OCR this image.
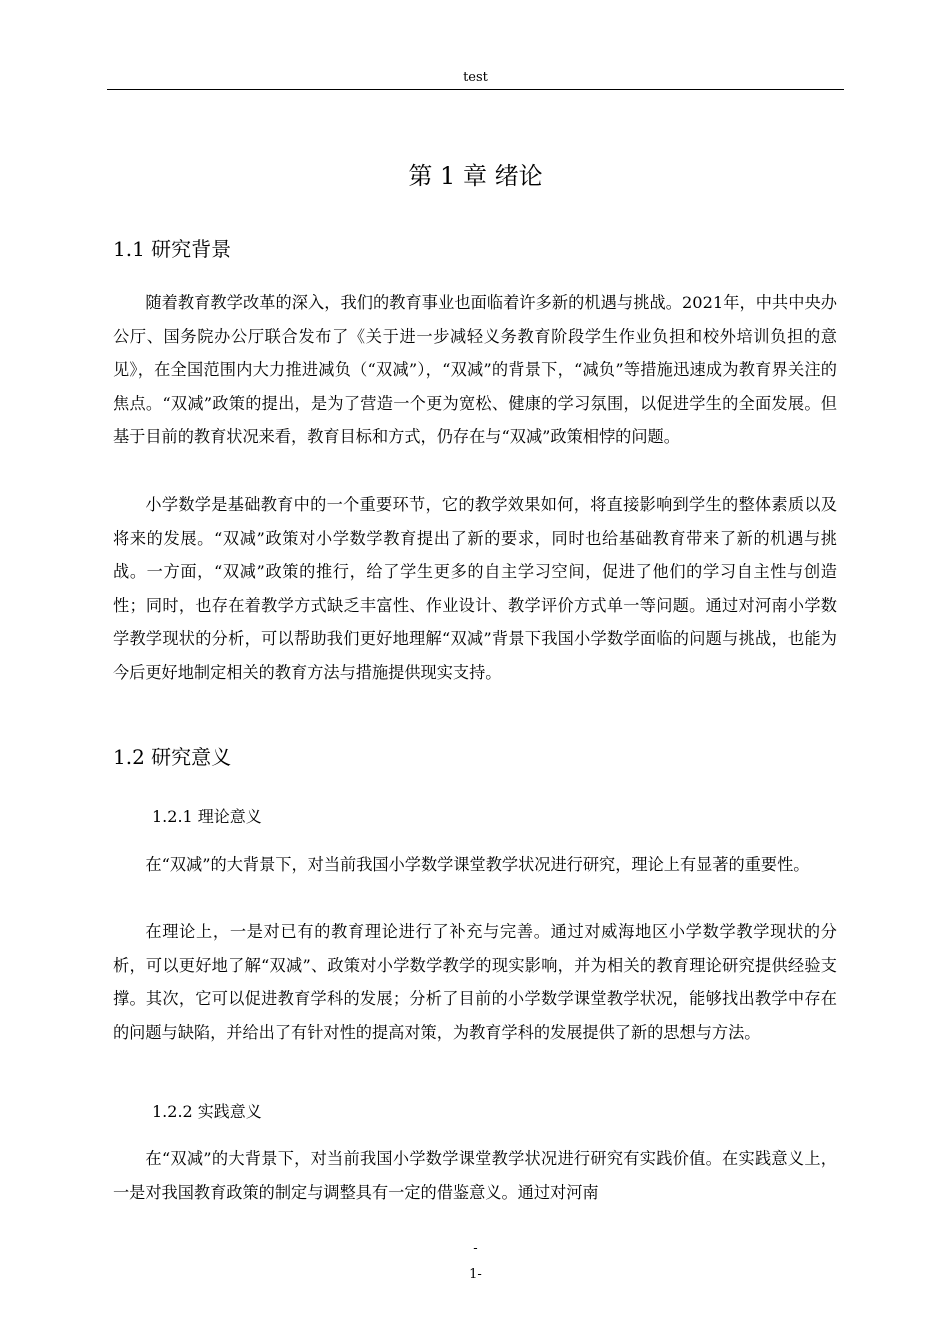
test
第 1 章 绪论
1.1 研究背景

随着教育教学改革的深入，我们的教育事业也面临着许多新的机遇与挑战。2021年，中共中央办公厅、国务院办公厅联合发布了《关于进一步减轻义务教育阶段学生作业负担和校外培训负担的意见》，在全国范围内大力推进减负（“双减”），“双减”的背景下，“减负”等措施迅速成为教育界关注的焦点。“双减”政策的提出，是为了营造一个更为宽松、健康的学习氛围，以促进学生的全面发展。但基于目前的教育状况来看，教育目标和方式，仍存在与“双减”政策相悖的问题。

小学数学是基础教育中的一个重要环节，它的教学效果如何，将直接影响到学生的整体素质以及将来的发展。“双减”政策对小学数学教育提出了新的要求，同时也给基础教育带来了新的机遇与挑战。一方面，“双减”政策的推行，给了学生更多的自主学习空间，促进了他们的学习自主性与创造性；同时，也存在着教学方式缺乏丰富性、作业设计、教学评价方式单一等问题。通过对河南小学数学教学现状的分析，可以帮助我们更好地理解“双减”背景下我国小学数学面临的问题与挑战，也能为今后更好地制定相关的教育方法与措施提供现实支持。

1.2 研究意义
1.2.1 理论意义

在“双减”的大背景下，对当前我国小学数学课堂教学状况进行研究，理论上有显著的重要性。

在理论上，一是对已有的教育理论进行了补充与完善。通过对威海地区小学数学教学现状的分析，可以更好地了解“双减”、政策对小学数学教学的现实影响，并为相关的教育理论研究提供经验支撑。其次，它可以促进教育学科的发展；分析了目前的小学数学课堂教学状况，能够找出教学中存在的问题与缺陷，并给出了有针对性的提高对策，为教育学科的发展提供了新的思想与方法。

1.2.2 实践意义

在“双减”的大背景下，对当前我国小学数学课堂教学状况进行研究有实践价值。在实践意义上，一是对我国教育政策的制定与调整具有一定的借鉴意义。通过对河南

-
1-
